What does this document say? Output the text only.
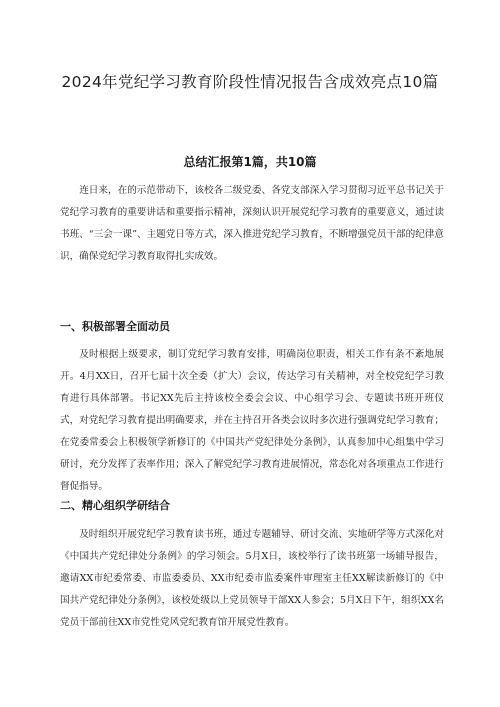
2024年党纪学习教育阶段性情况报告含成效亮点10篇
总结汇报第1篇，共10篇

连日来，在的示范带动下，该校各二级党委、各党支部深入学习贯彻习近平总书记关于党纪学习教育的重要讲话和重要指示精神，深刻认识开展党纪学习教育的重要意义，通过读书班、“三会一课”、主题党日等方式，深入推进党纪学习教育，不断增强党员干部的纪律意识，确保党纪学习教育取得扎实成效。

一、积极部署全面动员

及时根据上级要求，制订党纪学习教育安排，明确岗位职责，相关工作有条不紊地展开。4月XX日，召开七届十次全委（扩大）会议，传达学习有关精神，对全校党纪学习教育进行具体部署。书记XX先后主持该校全委会会议、中心组学习会、专题读书班开班仪式，对党纪学习教育提出明确要求，并在主持召开各类会议时多次进行强调党纪学习教育；在党委常委会上积极领学新修订的《中国共产党纪律处分条例》，认真参加中心组集中学习研讨，充分发挥了表率作用；深入了解党纪学习教育进展情况，常态化对各项重点工作进行督促指导。

二、精心组织学研结合

及时组织开展党纪学习教育读书班，通过专题辅导、研讨交流、实地研学等方式深化对《中国共产党纪律处分条例》的学习领会。5月X日，该校举行了读书班第一场辅导报告，邀请XX市纪委常委、市监委委员、XX市纪委市监委案件审理室主任XX解读新修订的《中国共产党纪律处分条例》，该校处级以上党员领导干部XX人参会；5月X日下午，组织XX名党员干部前往XX市党性党风党纪教育馆开展党性教育。
